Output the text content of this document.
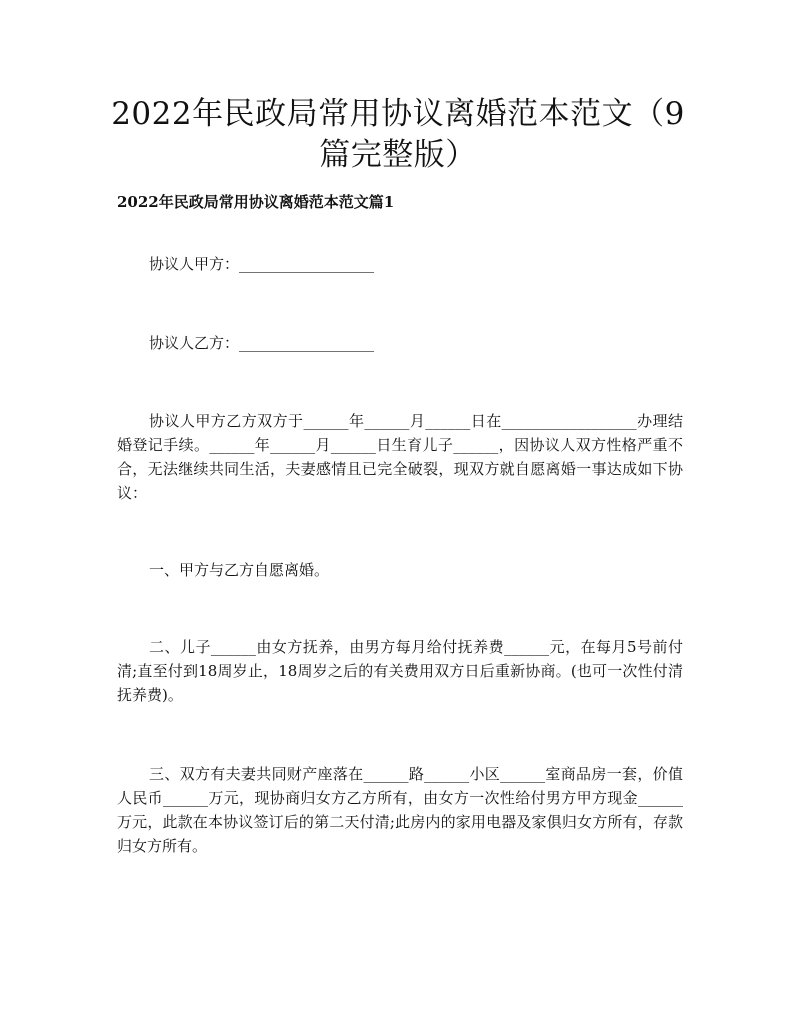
2022年民政局常用协议离婚范本范文（9篇完整版）
2022年民政局常用协议离婚范本范文篇1

协议人甲方：__________________

协议人乙方：__________________

协议人甲方乙方双方于______年______月______日在__________________办理结婚登记手续。______年______月______日生育儿子______，因协议人双方性格严重不合，无法继续共同生活，夫妻感情且已完全破裂，现双方就自愿离婚一事达成如下协议：

一、甲方与乙方自愿离婚。

二、儿子______由女方抚养，由男方每月给付抚养费______元，在每月5号前付清;直至付到18周岁止，18周岁之后的有关费用双方日后重新协商。(也可一次性付清抚养费)。

三、双方有夫妻共同财产座落在______路______小区______室商品房一套，价值人民币______万元，现协商归女方乙方所有，由女方一次性给付男方甲方现金______万元，此款在本协议签订后的第二天付清;此房内的家用电器及家俱归女方所有，存款归女方所有。
